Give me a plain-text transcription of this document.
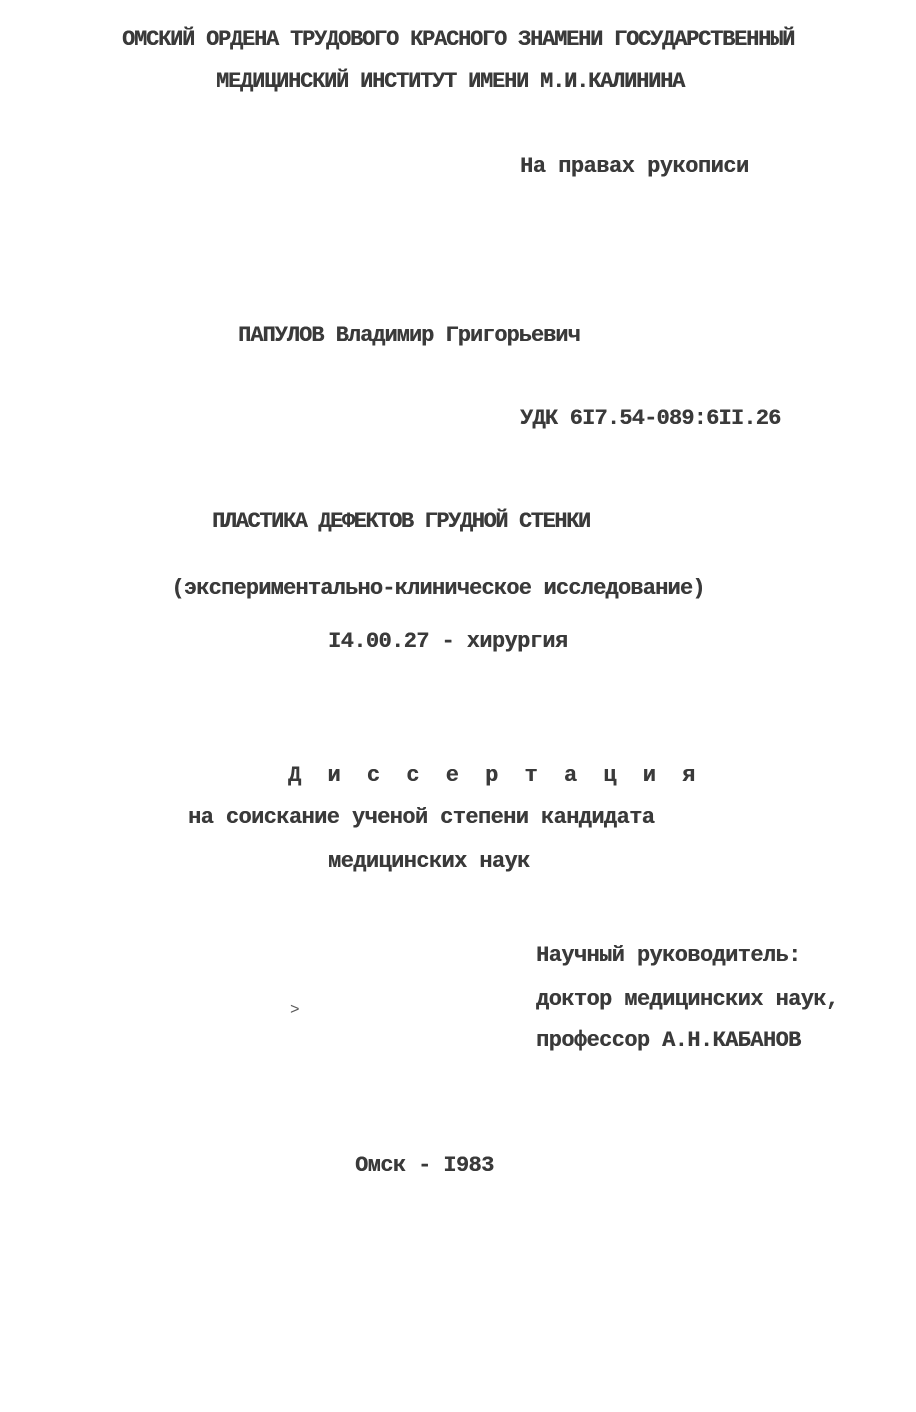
ОМСКИЙ ОРДЕНА ТРУДОВОГО КРАСНОГО ЗНАМЕНИ ГОСУДАРСТВЕННЫЙ
МЕДИЦИНСКИЙ ИНСТИТУТ ИМЕНИ М.И.КАЛИНИНА
На правах рукописи
ПАПУЛОВ Владимир Григорьевич
УДК 6I7.54-089:6II.26
ПЛАСТИКА ДЕФЕКТОВ ГРУДНОЙ СТЕНКИ
(экспериментально-клиническое исследование)
I4.00.27 - хирургия
Д и с с е р т а ц и я
на соискание ученой степени кандидата
медицинских наук
>
Научный руководитель:
доктор медицинских наук,
профессор А.Н.КАБАНОВ
Омск - I983
